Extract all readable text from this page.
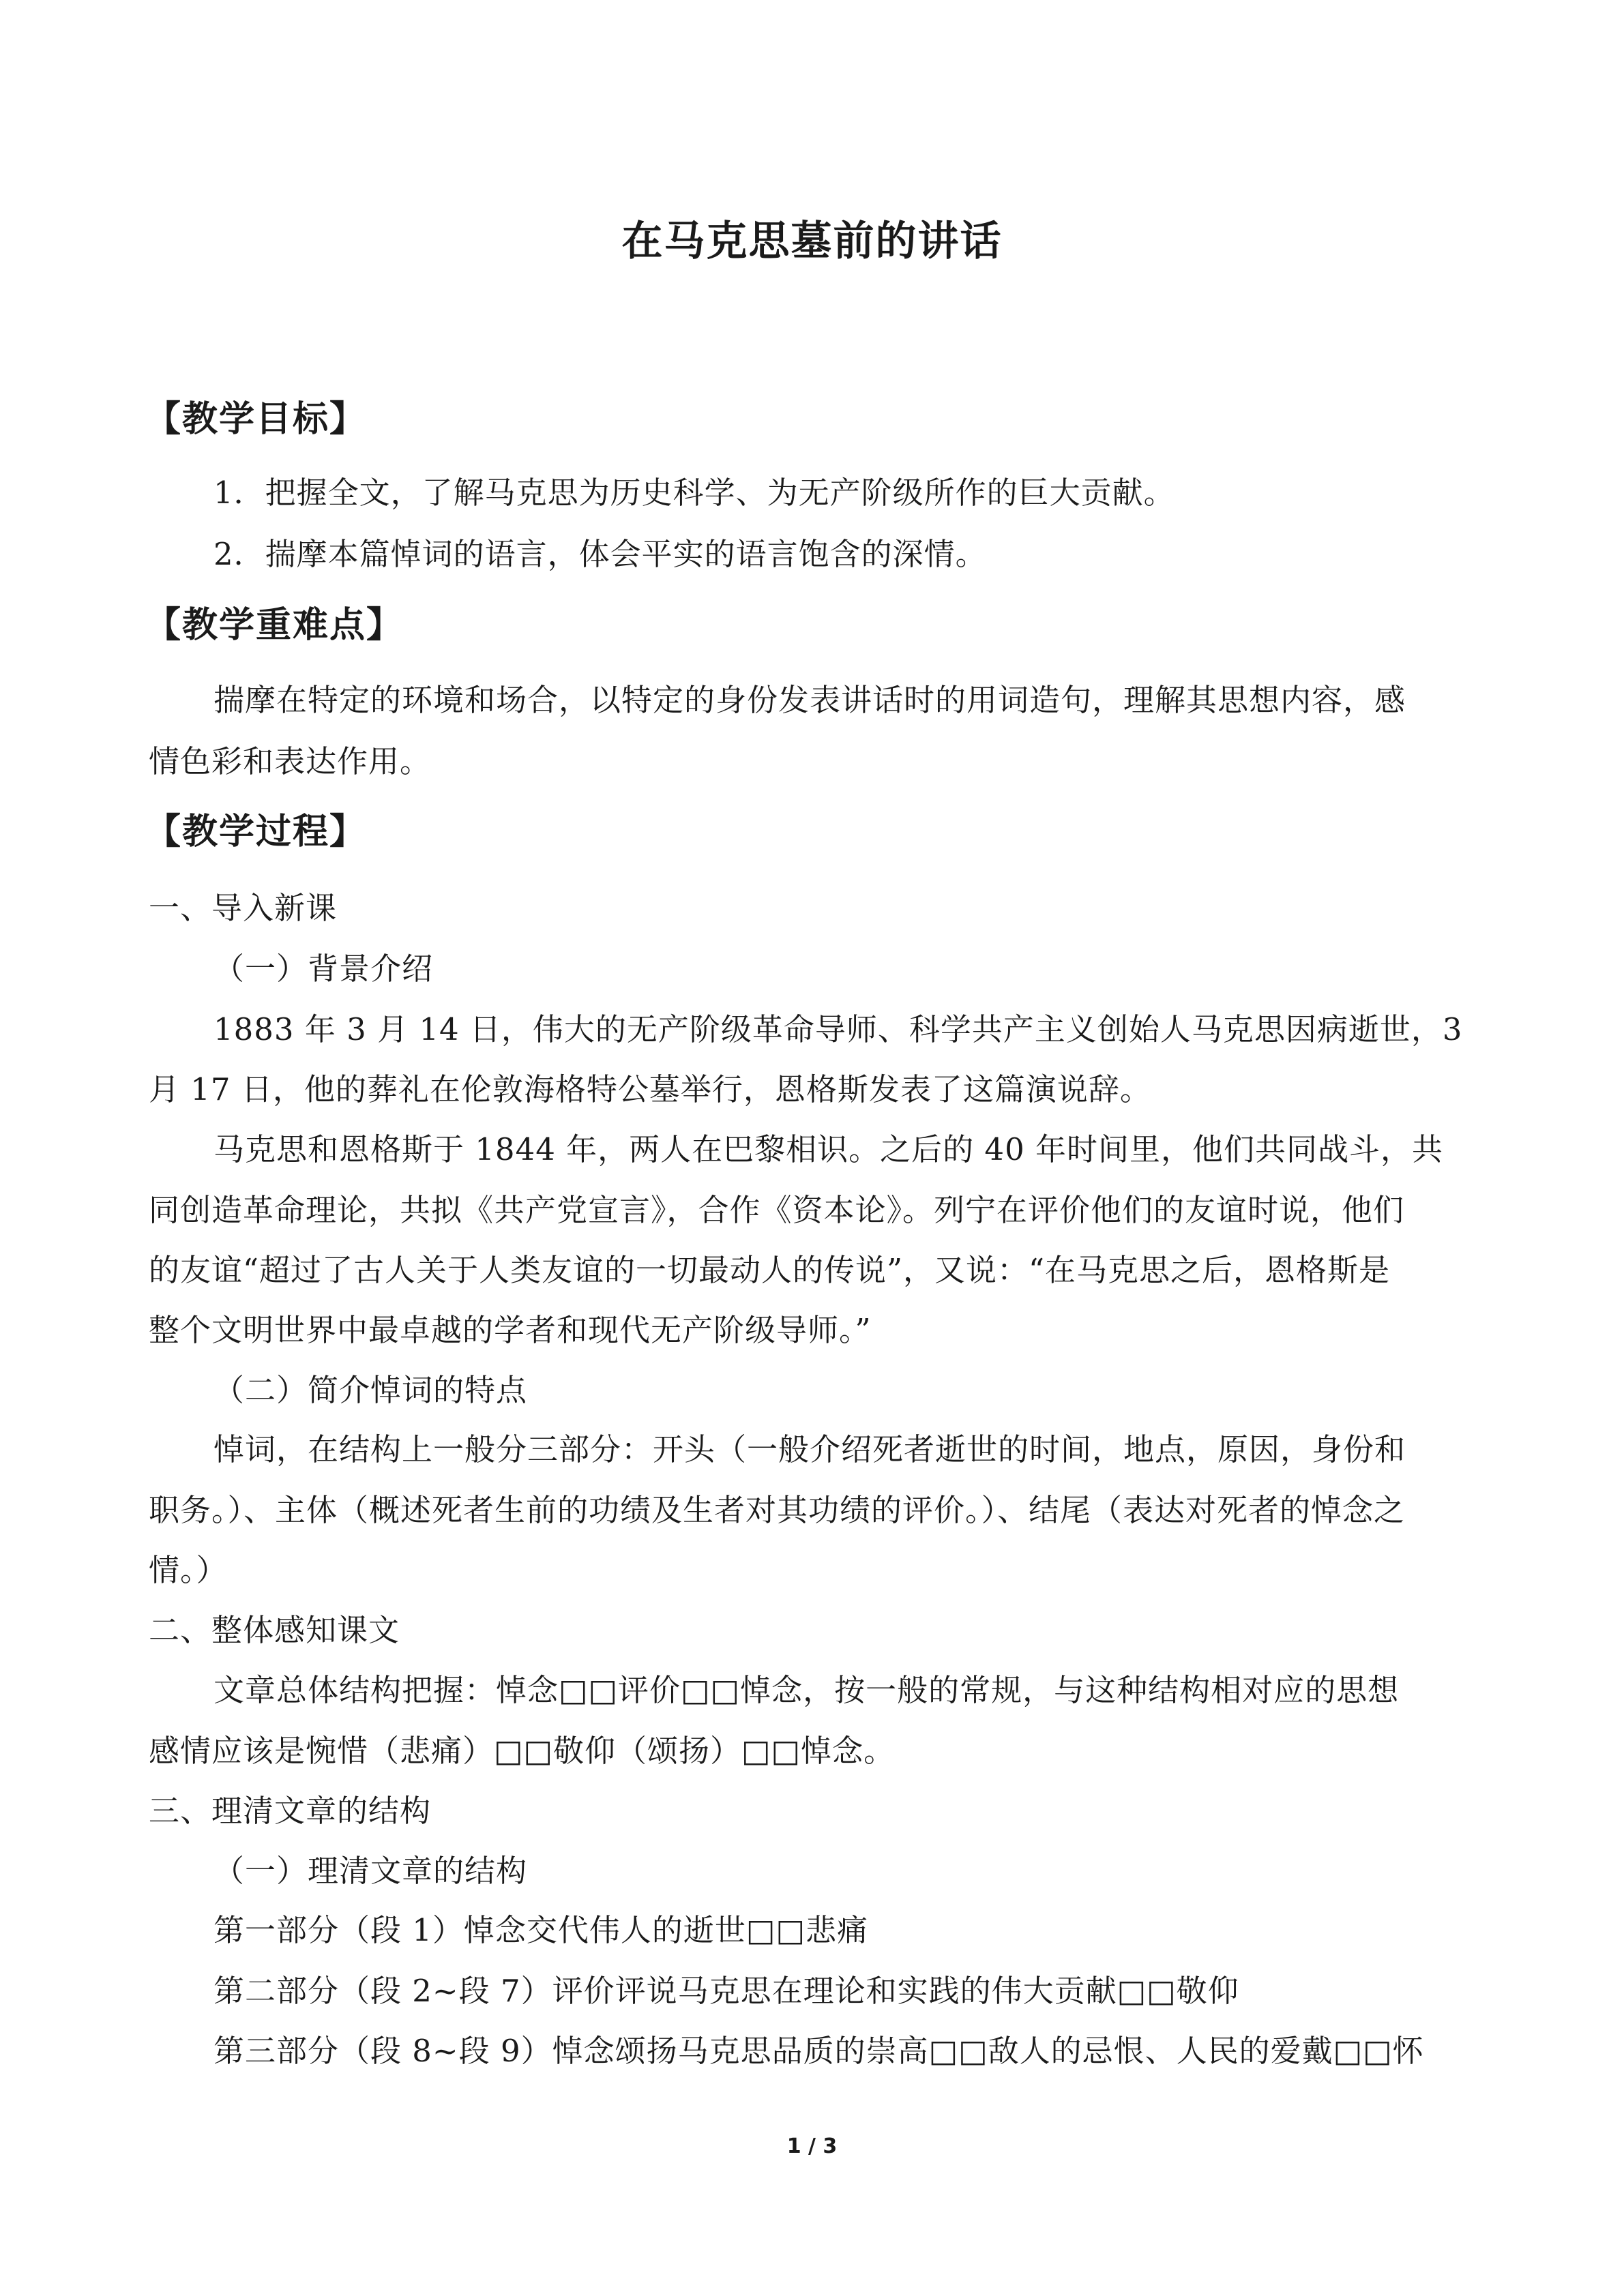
在马克思墓前的讲话
【教学目标】
1．把握全文，了解马克思为历史科学、为无产阶级所作的巨大贡献。
2．揣摩本篇悼词的语言，体会平实的语言饱含的深情。
【教学重难点】
揣摩在特定的环境和场合，以特定的身份发表讲话时的用词造句，理解其思想内容，感
情色彩和表达作用。
【教学过程】
一、导入新课
（一）背景介绍
1883 年 3 月 14 日，伟大的无产阶级革命导师、科学共产主义创始人马克思因病逝世，3
月 17 日，他的葬礼在伦敦海格特公墓举行，恩格斯发表了这篇演说辞。
马克思和恩格斯于 1844 年，两人在巴黎相识。之后的 40 年时间里，他们共同战斗，共
同创造革命理论，共拟《共产党宣言》，合作《资本论》。列宁在评价他们的友谊时说，他们
的友谊“超过了古人关于人类友谊的一切最动人的传说”，又说：“在马克思之后，恩格斯是
整个文明世界中最卓越的学者和现代无产阶级导师。”
（二）简介悼词的特点
悼词，在结构上一般分三部分：开头（一般介绍死者逝世的时间，地点，原因，身份和
职务。）、主体（概述死者生前的功绩及生者对其功绩的评价。）、结尾（表达对死者的悼念之
情。）
二、整体感知课文
文章总体结构把握：悼念□□评价□□悼念，按一般的常规，与这种结构相对应的思想
感情应该是惋惜（悲痛）□□敬仰（颂扬）□□悼念。
三、理清文章的结构
（一）理清文章的结构
第一部分（段 1）悼念交代伟人的逝世□□悲痛
第二部分（段 2~段 7）评价评说马克思在理论和实践的伟大贡献□□敬仰
第三部分（段 8~段 9）悼念颂扬马克思品质的崇高□□敌人的忌恨、人民的爱戴□□怀
1 / 3
